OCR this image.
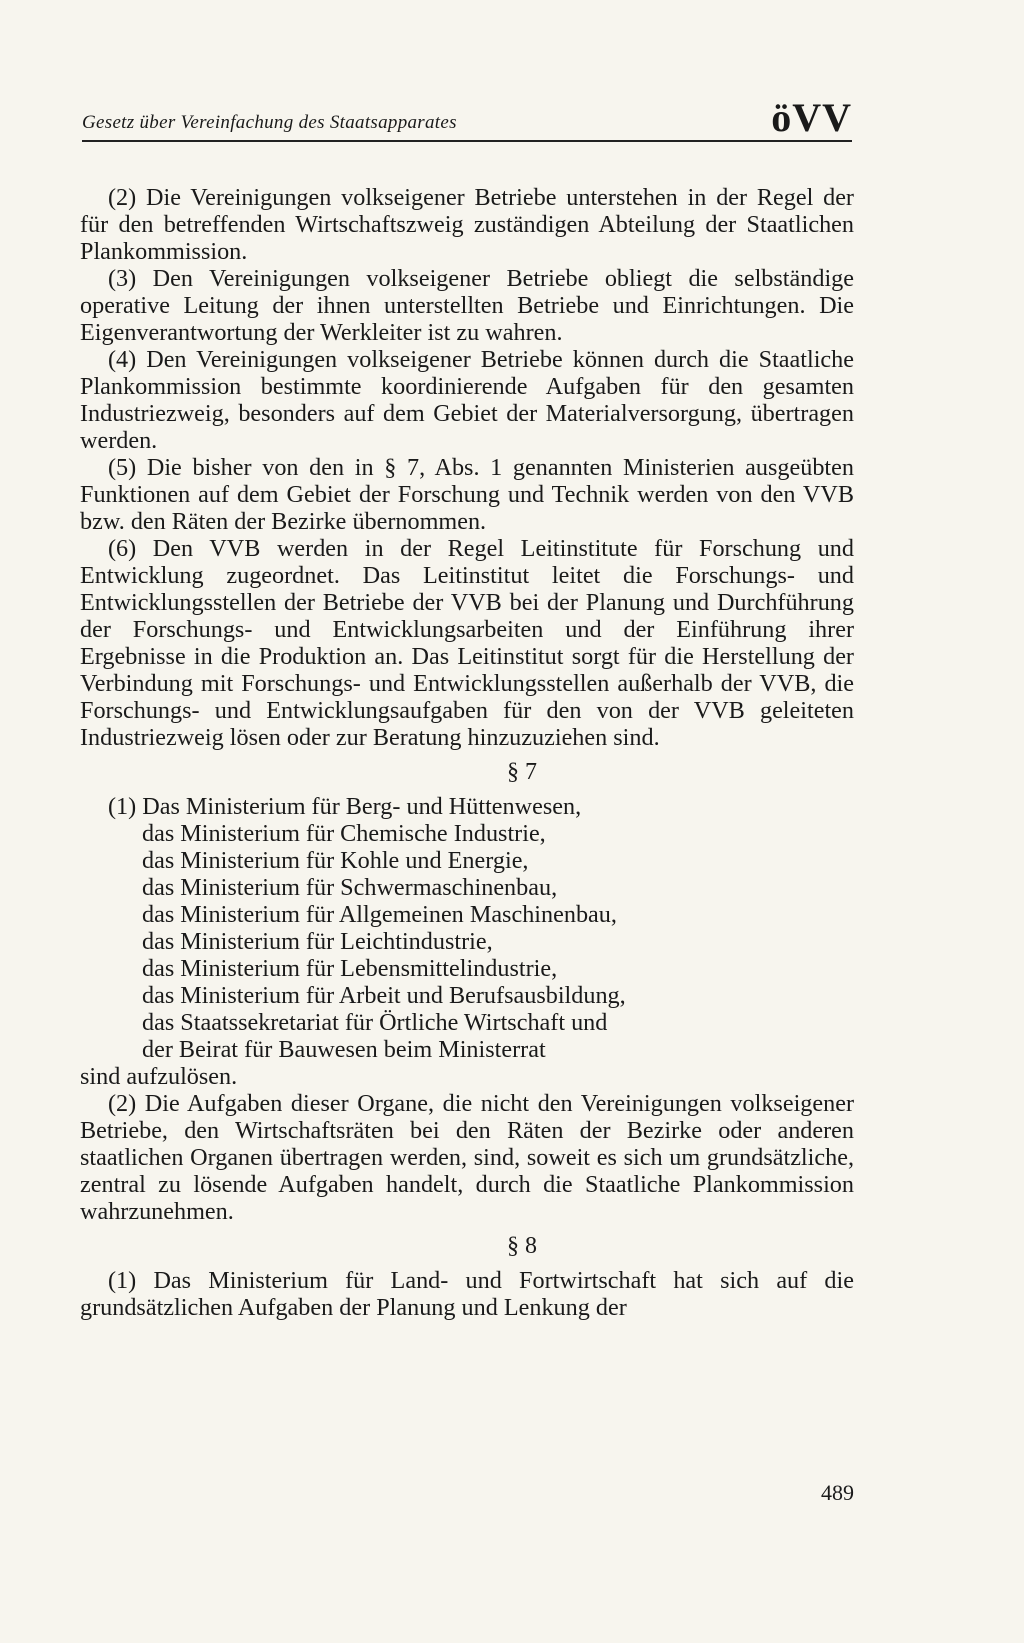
Gesetz über Vereinfachung des Staatsapparates	öVV

(2) Die Vereinigungen volkseigener Betriebe unterstehen in der Regel der für den betreffenden Wirtschaftszweig zuständigen Abteilung der Staatlichen Plankommission.

(3) Den Vereinigungen volkseigener Betriebe obliegt die selbständige operative Leitung der ihnen unterstellten Betriebe und Einrichtungen. Die Eigenverantwortung der Werkleiter ist zu wahren.

(4) Den Vereinigungen volkseigener Betriebe können durch die Staatliche Plankommission bestimmte koordinierende Aufgaben für den gesamten Industriezweig, besonders auf dem Gebiet der Materialversorgung, übertragen werden.

(5) Die bisher von den in § 7, Abs. 1 genannten Ministerien ausgeübten Funktionen auf dem Gebiet der Forschung und Technik werden von den VVB bzw. den Räten der Bezirke übernommen.

(6) Den VVB werden in der Regel Leitinstitute für Forschung und Entwicklung zugeordnet. Das Leitinstitut leitet die Forschungs- und Entwicklungsstellen der Betriebe der VVB bei der Planung und Durchführung der Forschungs- und Entwicklungsarbeiten und der Einführung ihrer Ergebnisse in die Produktion an. Das Leitinstitut sorgt für die Herstellung der Verbindung mit Forschungs- und Entwicklungsstellen außerhalb der VVB, die Forschungs- und Entwicklungsaufgaben für den von der VVB geleiteten Industriezweig lösen oder zur Beratung hinzuzuziehen sind.

§ 7

(1) Das Ministerium für Berg- und Hüttenwesen,

das Ministerium für Chemische Industrie,

das Ministerium für Kohle und Energie,

das Ministerium für Schwermaschinenbau,

das Ministerium für Allgemeinen Maschinenbau,

das Ministerium für Leichtindustrie,

das Ministerium für Lebensmittelindustrie,

das Ministerium für Arbeit und Berufsausbildung,

das Staatssekretariat für Örtliche Wirtschaft und

der Beirat für Bauwesen beim Ministerrat

sind aufzulösen.

(2) Die Aufgaben dieser Organe, die nicht den Vereinigungen volkseigener Betriebe, den Wirtschaftsräten bei den Räten der Bezirke oder anderen staatlichen Organen übertragen werden, sind, soweit es sich um grundsätzliche, zentral zu lösende Aufgaben handelt, durch die Staatliche Plankommission wahrzunehmen.

§ 8

(1) Das Ministerium für Land- und Fortwirtschaft hat sich auf die grundsätzlichen Aufgaben der Planung und Lenkung der

489
